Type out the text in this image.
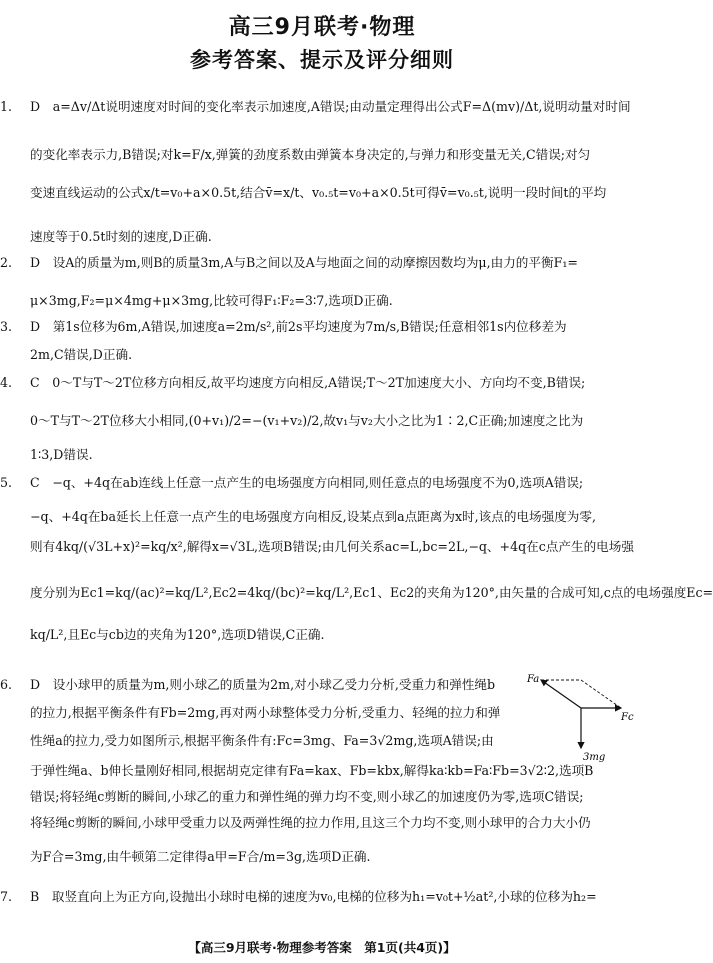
高三9月联考·物理
参考答案、提示及评分细则
1. D　a=Δv/Δt说明速度对时间的变化率表示加速度,A错误;由动量定理得出公式F=Δ(mv)/Δt,说明动量对时间
的变化率表示力,B错误;对k=F/x,弹簧的劲度系数由弹簧本身决定的,与弹力和形变量无关,C错误;对匀
变速直线运动的公式x/t=v₀+a×0.5t,结合v̄=x/t、v₀.₅t=v₀+a×0.5t可得v̄=v₀.₅t,说明一段时间t的平均
速度等于0.5t时刻的速度,D正确.
2. D　设A的质量为m,则B的质量3m,A与B之间以及A与地面之间的动摩擦因数均为μ,由力的平衡F₁=
μ×3mg,F₂=μ×4mg+μ×3mg,比较可得F₁∶F₂=3∶7,选项D正确.
3. D　第1s位移为6m,A错误,加速度a=2m/s²,前2s平均速度为7m/s,B错误;任意相邻1s内位移差为
2m,C错误,D正确.
4. C　0～T与T～2T位移方向相反,故平均速度方向相反,A错误;T～2T加速度大小、方向均不变,B错误;
0～T与T～2T位移大小相同,(0+v₁)/2=−(v₁+v₂)/2,故v₁与v₂大小之比为1∶2,C正确;加速度之比为
1∶3,D错误.
5. C　−q、+4q在ab连线上任意一点产生的电场强度方向相同,则任意点的电场强度不为0,选项A错误;
−q、+4q在ba延长上任意一点产生的电场强度方向相反,设某点到a点距离为x时,该点的电场强度为零,
则有4kq/(√3L+x)²=kq/x²,解得x=√3L,选项B错误;由几何关系ac=L,bc=2L,−q、+4q在c点产生的电场强
度分别为Ec1=kq/(ac)²=kq/L²,Ec2=4kq/(bc)²=kq/L²,Ec1、Ec2的夹角为120°,由矢量的合成可知,c点的电场强度Ec=
kq/L²,且Ec与cb边的夹角为120°,选项D错误,C正确.
6. D　设小球甲的质量为m,则小球乙的质量为2m,对小球乙受力分析,受重力和弹性绳b
的拉力,根据平衡条件有Fb=2mg,再对两小球整体受力分析,受重力、轻绳的拉力和弹
性绳a的拉力,受力如图所示,根据平衡条件有:Fc=3mg、Fa=3√2mg,选项A错误;由
于弹性绳a、b伸长量刚好相同,根据胡克定律有Fa=kax、Fb=kbx,解得ka∶kb=Fa∶Fb=3√2∶2,选项B
错误;将轻绳c剪断的瞬间,小球乙的重力和弹性绳的弹力均不变,则小球乙的加速度仍为零,选项C错误;
将轻绳c剪断的瞬间,小球甲受重力以及两弹性绳的拉力作用,且这三个力均不变,则小球甲的合力大小仍
为F合=3mg,由牛顿第二定律得a甲=F合/m=3g,选项D正确.
7. B　取竖直向上为正方向,设抛出小球时电梯的速度为v₀,电梯的位移为h₁=v₀t+½at²,小球的位移为h₂=
Fa
Fc
3mg
【高三9月联考·物理参考答案　第1页(共4页)】
